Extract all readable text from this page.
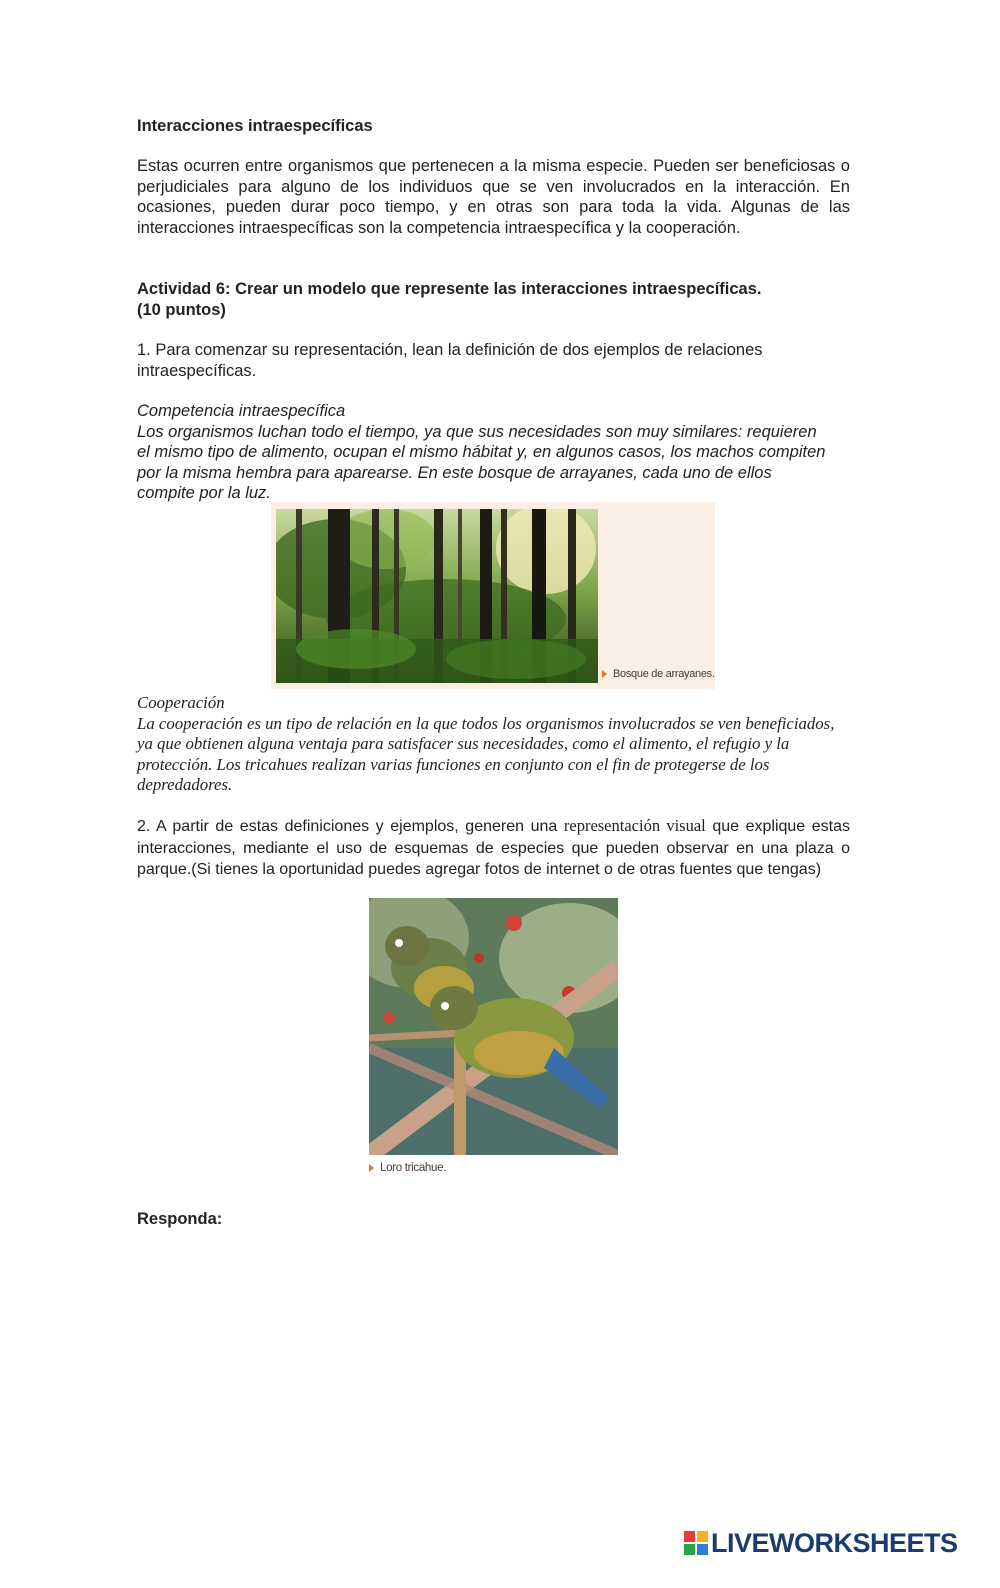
Interacciones intraespecíficas
Estas ocurren entre organismos que pertenecen a la misma especie. Pueden ser beneficiosas o perjudiciales para alguno de los individuos que se ven involucrados en la interacción. En ocasiones, pueden durar poco tiempo, y en otras son para toda la vida. Algunas de las interacciones intraespecíficas son la competencia intraespecífica y la cooperación.
Actividad 6: Crear un modelo que represente las interacciones intraespecíficas.
(10 puntos)
1. Para comenzar su representación, lean la definición de dos ejemplos de relaciones intraespecíficas.
Competencia intraespecífica
Los organismos luchan todo el tiempo, ya que sus necesidades son muy similares: requieren el mismo tipo de alimento, ocupan el mismo hábitat y, en algunos casos, los machos compiten por la misma hembra para aparearse. En este bosque de arrayanes, cada uno de ellos compite por la luz.
Bosque de arrayanes.
Cooperación
La cooperación es un tipo de relación en la que todos los organismos involucrados se ven beneficiados, ya que obtienen alguna ventaja para satisfacer sus necesidades, como el alimento, el refugio y la protección. Los tricahues realizan varias funciones en conjunto con el fin de protegerse de los depredadores.
2. A partir de estas definiciones y ejemplos, generen una representación visual que explique estas interacciones, mediante el uso de esquemas de especies que pueden observar en una plaza o parque.(Si tienes la oportunidad puedes agregar fotos de internet o de otras fuentes que tengas)
Loro tricahue.
Responda:
LIVEWORKSHEETS
